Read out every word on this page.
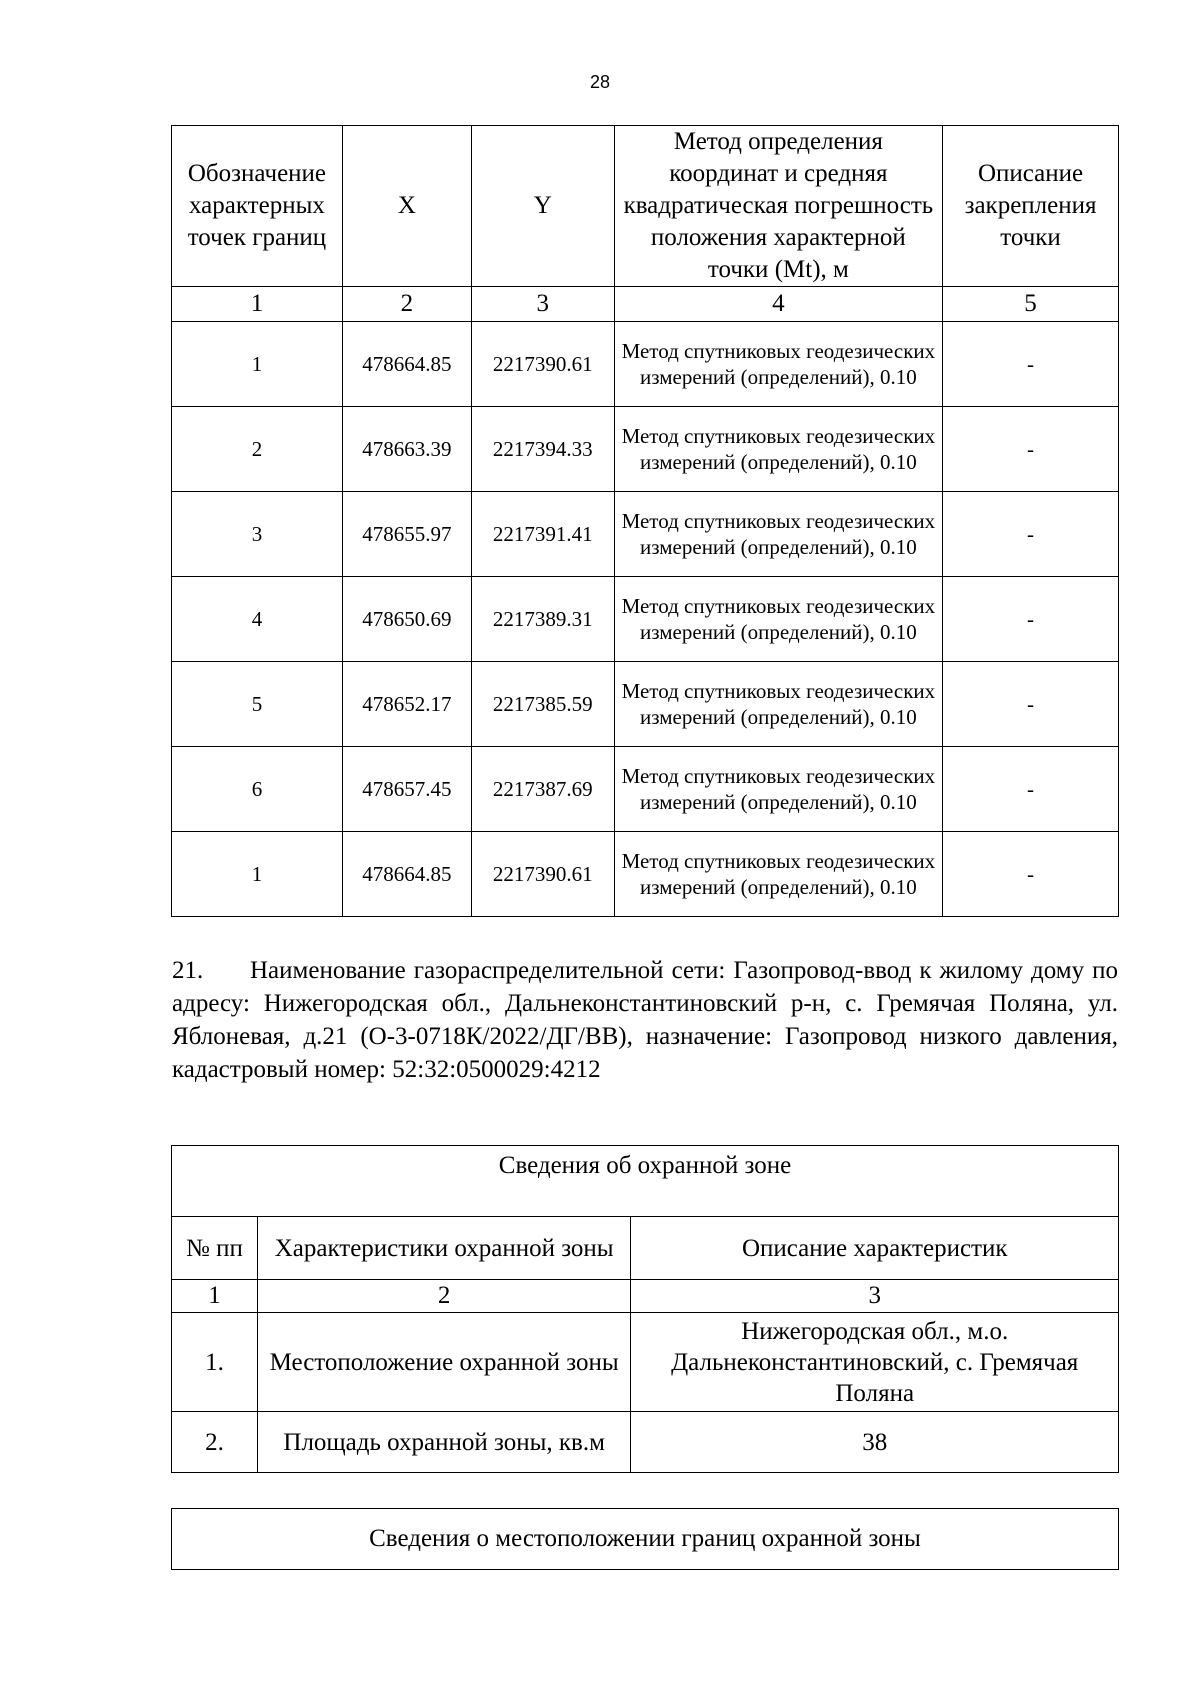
28
Обозначение характерных точек границ	X	Y	Метод определения координат и средняя квадратическая погрешность положения характерной точки (Mt), м	Описание закрепления точки
1	2	3	4	5
1	478664.85	2217390.61	Метод спутниковых геодезических измерений (определений), 0.10	-
2	478663.39	2217394.33	Метод спутниковых геодезических измерений (определений), 0.10	-
3	478655.97	2217391.41	Метод спутниковых геодезических измерений (определений), 0.10	-
4	478650.69	2217389.31	Метод спутниковых геодезических измерений (определений), 0.10	-
5	478652.17	2217385.59	Метод спутниковых геодезических измерений (определений), 0.10	-
6	478657.45	2217387.69	Метод спутниковых геодезических измерений (определений), 0.10	-
1	478664.85	2217390.61	Метод спутниковых геодезических измерений (определений), 0.10	-
21. Наименование газораспределительной сети: Газопровод-ввод к жилому дому по адресу: Нижегородская обл., Дальнеконстантиновский р-н, с. Гремячая Поляна, ул. Яблоневая, д.21 (О-3-0718К/2022/ДГ/ВВ), назначение: Газопровод низкого давления, кадастровый номер: 52:32:0500029:4212
Сведения об охранной зоне		
№ пп	Характеристики охранной зоны	Описание характеристик
1	2	3
1.	Местоположение охранной зоны	Нижегородская обл., м.о. Дальнеконстантиновский, с. Гремячая Поляна
2.	Площадь охранной зоны, кв.м	38
Сведения о местоположении границ охранной зоны
